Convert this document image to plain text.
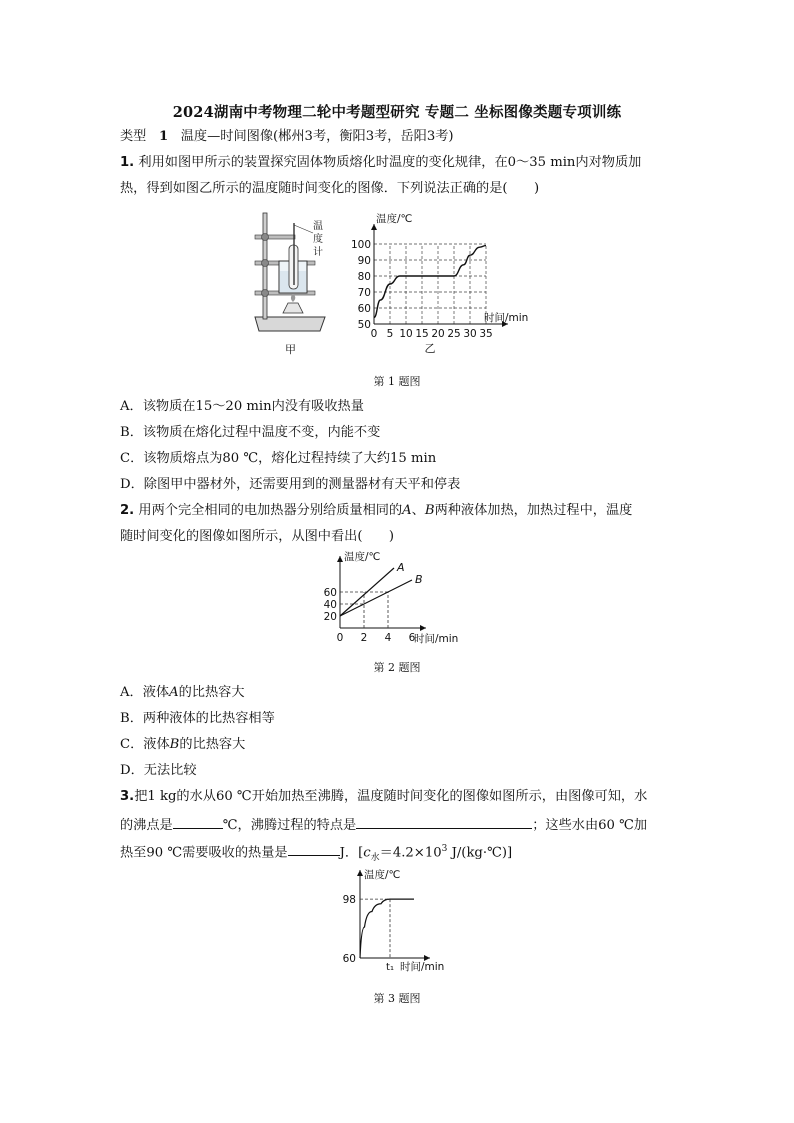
2024湖南中考物理二轮中考题型研究 专题二 坐标图像类题专项训练
类型 1 温度—时间图像(郴州3考，衡阳3考，岳阳3考)
1. 利用如图甲所示的装置探究固体物质熔化时温度的变化规律，在0～35 min内对物质加
热，得到如图乙所示的温度随时间变化的图像．下列说法正确的是(　　)
温
度
计
甲
0 5 10 15 20 25 30 35
50
60
70
80
90
100
温度/℃
时间/min
乙
第 1 题图
A．该物质在15～20 min内没有吸收热量
B．该物质在熔化过程中温度不变，内能不变
C．该物质熔点为80 ℃，熔化过程持续了大约15 min
D．除图甲中器材外，还需要用到的测量器材有天平和停表
2. 用两个完全相同的电加热器分别给质量相同的A、B两种液体加热，加热过程中，温度
随时间变化的图像如图所示，从图中看出(　　)
A
B
0 2 4 6
20
40
60
温度/℃
时间/min
第 2 题图
A．液体A的比热容大
B．两种液体的比热容相等
C．液体B的比热容大
D．无法比较
3.把1 kg的水从60 ℃开始加热至沸腾，温度随时间变化的图像如图所示，由图像可知，水
的沸点是	℃，沸腾过程的特点是	；这些水由60 ℃加
热至90 ℃需要吸收的热量是	J．[$c_水=4.2\times 10^3$ J/(kg·℃)]
60
98
t₁ 时间/min
温度/℃
第 3 题图
